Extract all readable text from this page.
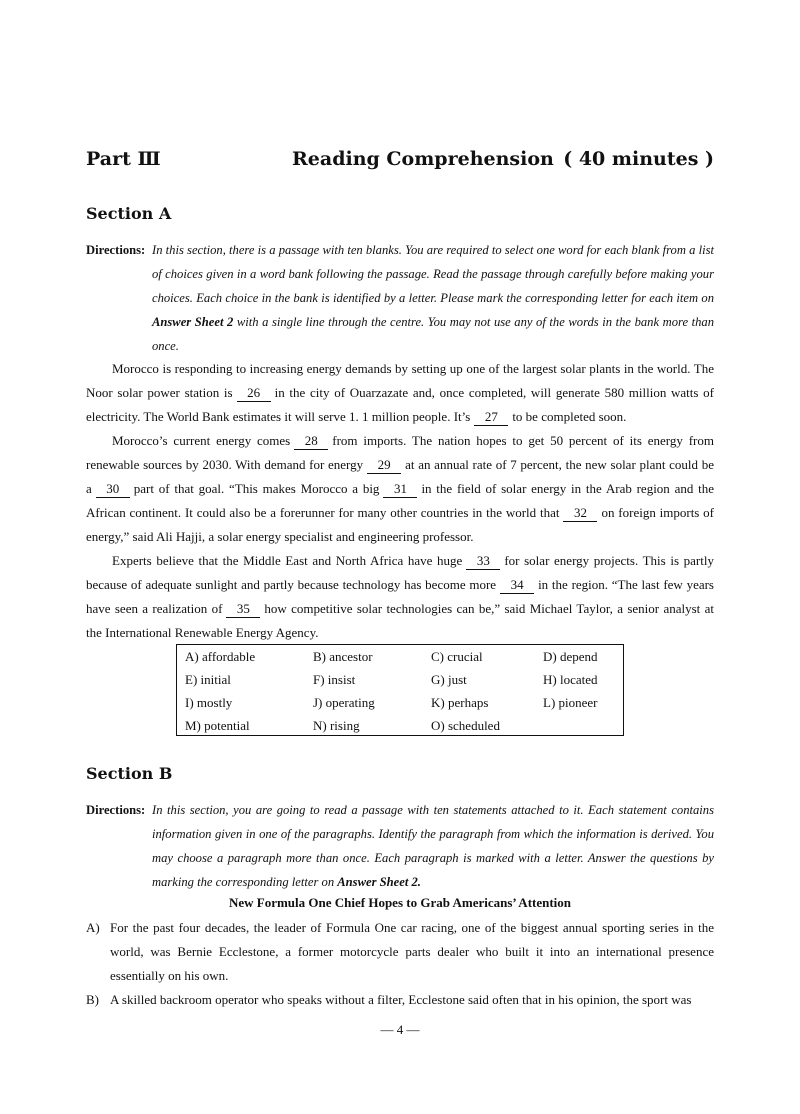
Part Ⅲ	Reading Comprehension ( 40 minutes )
Section A
Directions: In this section, there is a passage with ten blanks. You are required to select one word for each blank from a list of choices given in a word bank following the passage. Read the passage through carefully before making your choices. Each choice in the bank is identified by a letter. Please mark the corresponding letter for each item on Answer Sheet 2 with a single line through the centre. You may not use any of the words in the bank more than once.

Morocco is responding to increasing energy demands by setting up one of the largest solar plants in the world. The Noor solar power station is 26 in the city of Ouarzazate and, once completed, will generate 580 million watts of electricity. The World Bank estimates it will serve 1. 1 million people. It’s 27 to be completed soon.

Morocco’s current energy comes 28 from imports. The nation hopes to get 50 percent of its energy from renewable sources by 2030. With demand for energy 29 at an annual rate of 7 percent, the new solar plant could be a 30 part of that goal. “This makes Morocco a big 31 in the field of solar energy in the Arab region and the African continent. It could also be a forerunner for many other countries in the world that 32 on foreign imports of energy,” said Ali Hajji, a solar energy specialist and engineering professor.

Experts believe that the Middle East and North Africa have huge 33 for solar energy projects. This is partly because of adequate sunlight and partly because technology has become more 34 in the region. “The last few years have seen a realization of 35 how competitive solar technologies can be,” said Michael Taylor, a senior analyst at the International Renewable Energy Agency.

A) affordable	B) ancestor	C) crucial	D) depend
E) initial	F) insist	G) just	H) located
I) mostly	J) operating	K) perhaps	L) pioneer
M) potential	N) rising	O) scheduled
Section B
Directions: In this section, you are going to read a passage with ten statements attached to it. Each statement contains information given in one of the paragraphs. Identify the paragraph from which the information is derived. You may choose a paragraph more than once. Each paragraph is marked with a letter. Answer the questions by marking the corresponding letter on Answer Sheet 2.
New Formula One Chief Hopes to Grab Americans’ Attention
A) For the past four decades, the leader of Formula One car racing, one of the biggest annual sporting series in the world, was Bernie Ecclestone, a former motorcycle parts dealer who built it into an international presence essentially on his own.
B) A skilled backroom operator who speaks without a filter, Ecclestone said often that in his opinion, the sport was
— 4 —
